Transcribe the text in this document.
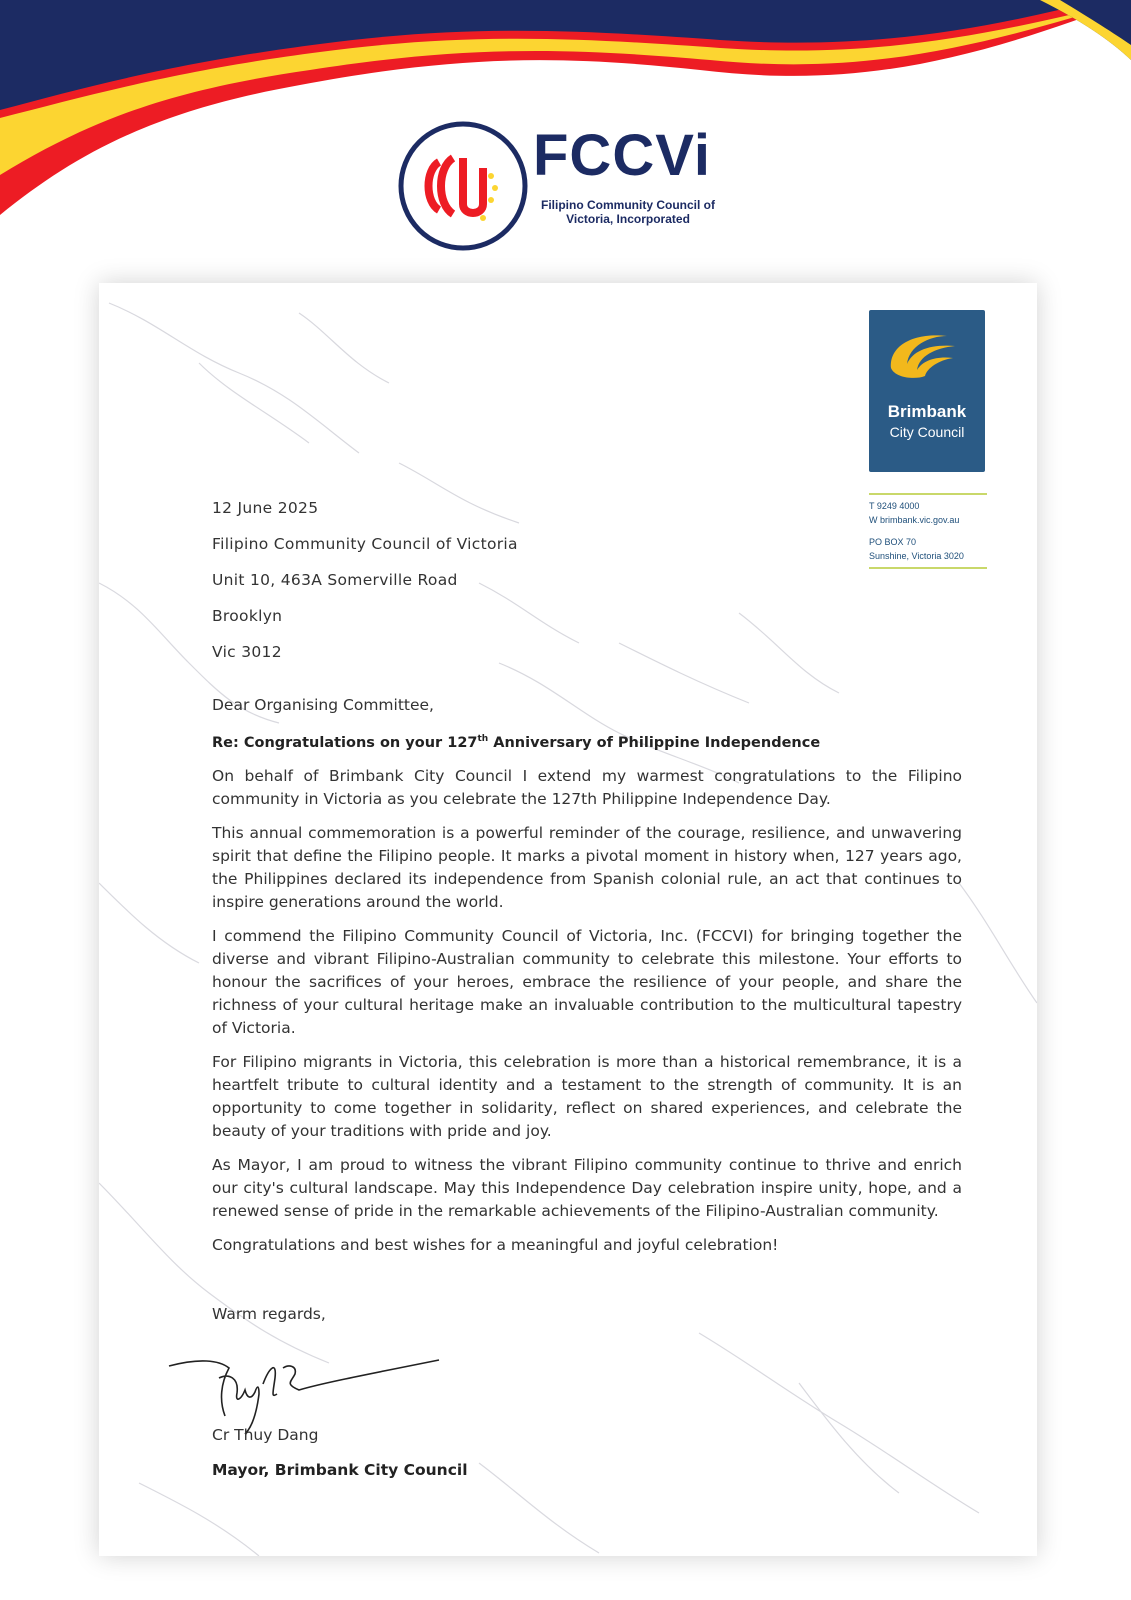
FCCVi
Filipino Community Council of
Victoria, Incorporated
Brimbank
City Council
T 9249 4000
W brimbank.vic.gov.au
PO BOX 70
Sunshine, Victoria 3020
12 June 2025
Filipino Community Council of Victoria
Unit 10, 463A Somerville Road
Brooklyn
Vic 3012
Dear Organising Committee,
Re: Congratulations on your 127th Anniversary of Philippine Independence
On behalf of Brimbank City Council I extend my warmest congratulations to the Filipino community in Victoria as you celebrate the 127th Philippine Independence Day.
This annual commemoration is a powerful reminder of the courage, resilience, and unwavering spirit that define the Filipino people. It marks a pivotal moment in history when, 127 years ago, the Philippines declared its independence from Spanish colonial rule, an act that continues to inspire generations around the world.
I commend the Filipino Community Council of Victoria, Inc. (FCCVI) for bringing together the diverse and vibrant Filipino-Australian community to celebrate this milestone. Your efforts to honour the sacrifices of your heroes, embrace the resilience of your people, and share the richness of your cultural heritage make an invaluable contribution to the multicultural tapestry of Victoria.
For Filipino migrants in Victoria, this celebration is more than a historical remembrance, it is a heartfelt tribute to cultural identity and a testament to the strength of community. It is an opportunity to come together in solidarity, reflect on shared experiences, and celebrate the beauty of your traditions with pride and joy.
As Mayor, I am proud to witness the vibrant Filipino community continue to thrive and enrich our city's cultural landscape. May this Independence Day celebration inspire unity, hope, and a renewed sense of pride in the remarkable achievements of the Filipino-Australian community.
Congratulations and best wishes for a meaningful and joyful celebration!
Warm regards,
Cr Thuy Dang
Mayor, Brimbank City Council
